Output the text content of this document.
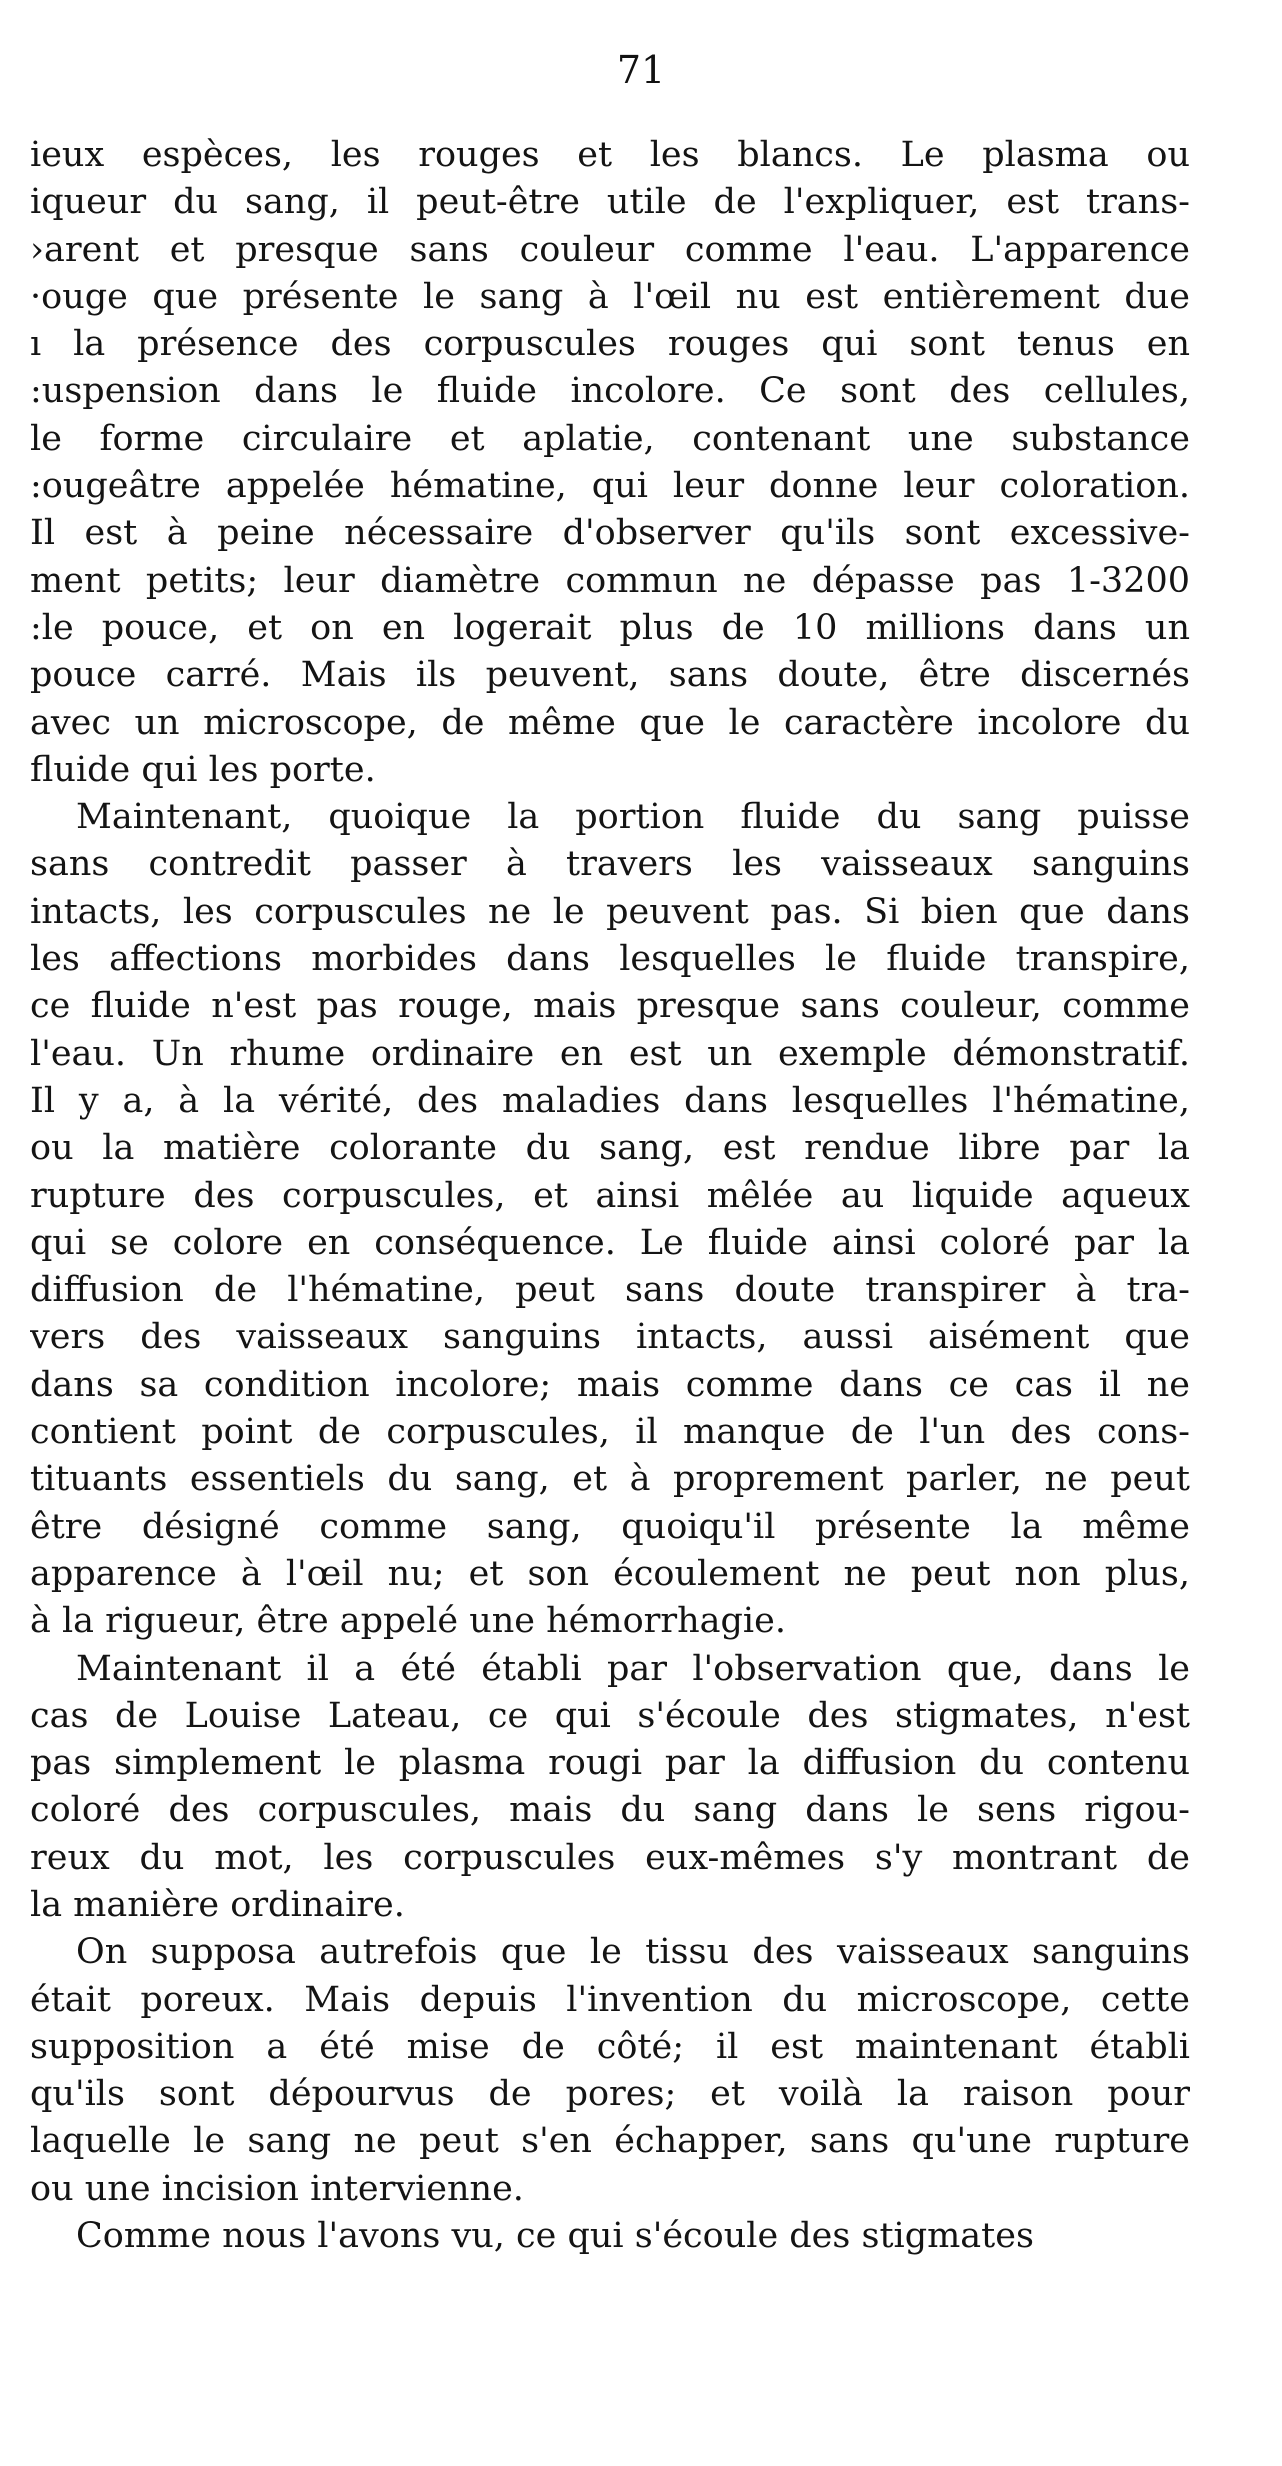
71
ieux espèces, les rouges et les blancs. Le plasma ou
iqueur du sang, il peut-être utile de l'expliquer, est trans-
›arent et presque sans couleur comme l'eau. L'apparence
·ouge que présente le sang à l'œil nu est entièrement due
ı la présence des corpuscules rouges qui sont tenus en
:uspension dans le fluide incolore. Ce sont des cellules,
le forme circulaire et aplatie, contenant une substance
:ougeâtre appelée hématine, qui leur donne leur coloration.
Il est à peine nécessaire d'observer qu'ils sont excessive-
ment petits; leur diamètre commun ne dépasse pas 1-3200
:le pouce, et on en logerait plus de 10 millions dans un
pouce carré. Mais ils peuvent, sans doute, être discernés
avec un microscope, de même que le caractère incolore du
fluide qui les porte.
Maintenant, quoique la portion fluide du sang puisse
sans contredit passer à travers les vaisseaux sanguins
intacts, les corpuscules ne le peuvent pas. Si bien que dans
les affections morbides dans lesquelles le fluide transpire,
ce fluide n'est pas rouge, mais presque sans couleur, comme
l'eau. Un rhume ordinaire en est un exemple démonstratif.
Il y a, à la vérité, des maladies dans lesquelles l'hématine,
ou la matière colorante du sang, est rendue libre par la
rupture des corpuscules, et ainsi mêlée au liquide aqueux
qui se colore en conséquence. Le fluide ainsi coloré par la
diffusion de l'hématine, peut sans doute transpirer à tra-
vers des vaisseaux sanguins intacts, aussi aisément que
dans sa condition incolore; mais comme dans ce cas il ne
contient point de corpuscules, il manque de l'un des cons-
tituants essentiels du sang, et à proprement parler, ne peut
être désigné comme sang, quoiqu'il présente la même
apparence à l'œil nu; et son écoulement ne peut non plus,
à la rigueur, être appelé une hémorrhagie.
Maintenant il a été établi par l'observation que, dans le
cas de Louise Lateau, ce qui s'écoule des stigmates, n'est
pas simplement le plasma rougi par la diffusion du contenu
coloré des corpuscules, mais du sang dans le sens rigou-
reux du mot, les corpuscules eux-mêmes s'y montrant de
la manière ordinaire.
On supposa autrefois que le tissu des vaisseaux sanguins
était poreux. Mais depuis l'invention du microscope, cette
supposition a été mise de côté; il est maintenant établi
qu'ils sont dépourvus de pores; et voilà la raison pour
laquelle le sang ne peut s'en échapper, sans qu'une rupture
ou une incision intervienne.
Comme nous l'avons vu, ce qui s'écoule des stigmates
